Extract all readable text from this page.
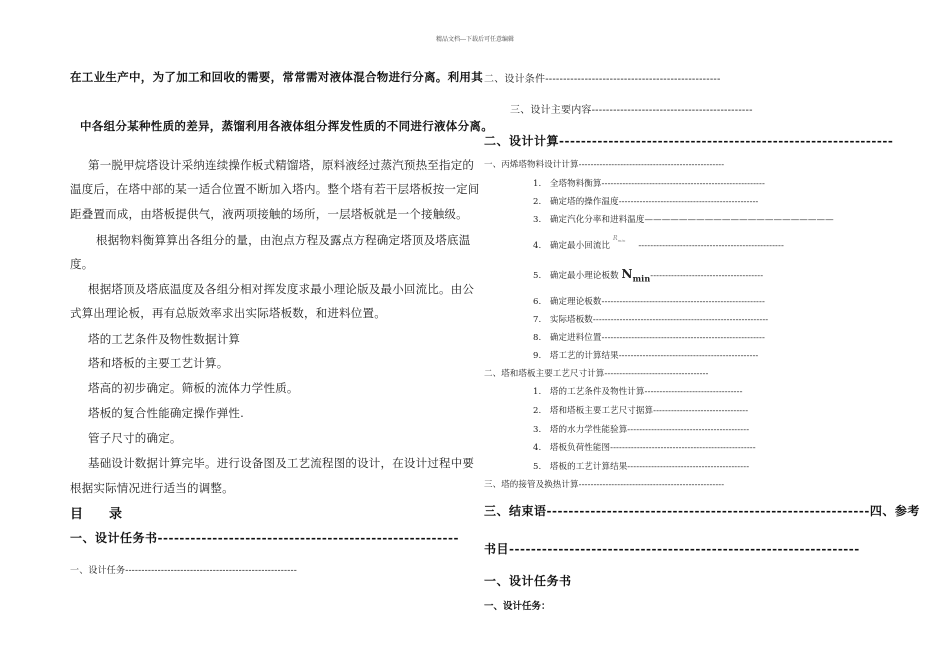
精品文档---下载后可任意编辑
在工业生产中，为了加工和回收的需要，常常需对液体混合物进行分离。利用其
中各组分某种性质的差异，蒸馏利用各液体组分挥发性质的不同进行液体分离。
第一脱甲烷塔设计采纳连续操作板式精馏塔，原料液经过蒸汽预热至指定的
温度后，在塔中部的某一适合位置不断加入塔内。整个塔有若干层塔板按一定间
距叠置而成，由塔板提供气，液两项接触的场所，一层塔板就是一个接触级。
根据物料衡算算出各组分的量，由泡点方程及露点方程确定塔顶及塔底温
度。
根据塔顶及塔底温度及各组分相对挥发度求最小理论版及最小回流比。由公
式算出理论板，再有总版效率求出实际塔板数，和进料位置。
塔的工艺条件及物性数据计算
塔和塔板的主要工艺计算。
塔高的初步确定。筛板的流体力学性质。
塔板的复合性能确定操作弹性.
管子尺寸的确定。
基础设计数据计算完毕。进行设备图及工艺流程图的设计，在设计过程中要
根据实际情况进行适当的调整。
目　　录
一、设计任务书-------------------------------------------------------
一、设计任务-----------------------------------------------------
二、设计条件-------------------------------------------------
三、设计主要内容---------------------------------------------
二、设计计算-------------------------------------------------------------
一、丙烯塔物料设计计算-------------------------------------------------
1.　全塔物料衡算-------------------------------------------------------
2.　确定塔的操作温度-----------------------------------------------
3.　确定汽化分率和进料温度——————————————————————
4.　确定最小回流比 $^{R_{min}}$ -------------------------------------------------
5.　确定最小理论板数 $N_{min}--------------------------------------$
6.　确定理论板数-------------------------------------------------------
7.　实际塔板数-----------------------------------------------------------
8.　确定进料位置-------------------------------------------------------
9.　塔工艺的计算结果-----------------------------------------------
二、塔和塔板主要工艺尺寸计算-----------------------------------
1.　塔的工艺条件及物性计算---------------------------------
2.　塔和塔板主要工艺尺寸据算--------------------------------
3.　塔的水力学性能验算-----------------------------------------
4.　塔板负荷性能图-------------------------------------------------
5.　塔板的工艺计算结果-----------------------------------------
三、塔的接管及换热计算-------------------------------------------------
三、结束语-----------------------------------------------------------四、参考
书目----------------------------------------------------------------
一、设计任务书
一、设计任务：
